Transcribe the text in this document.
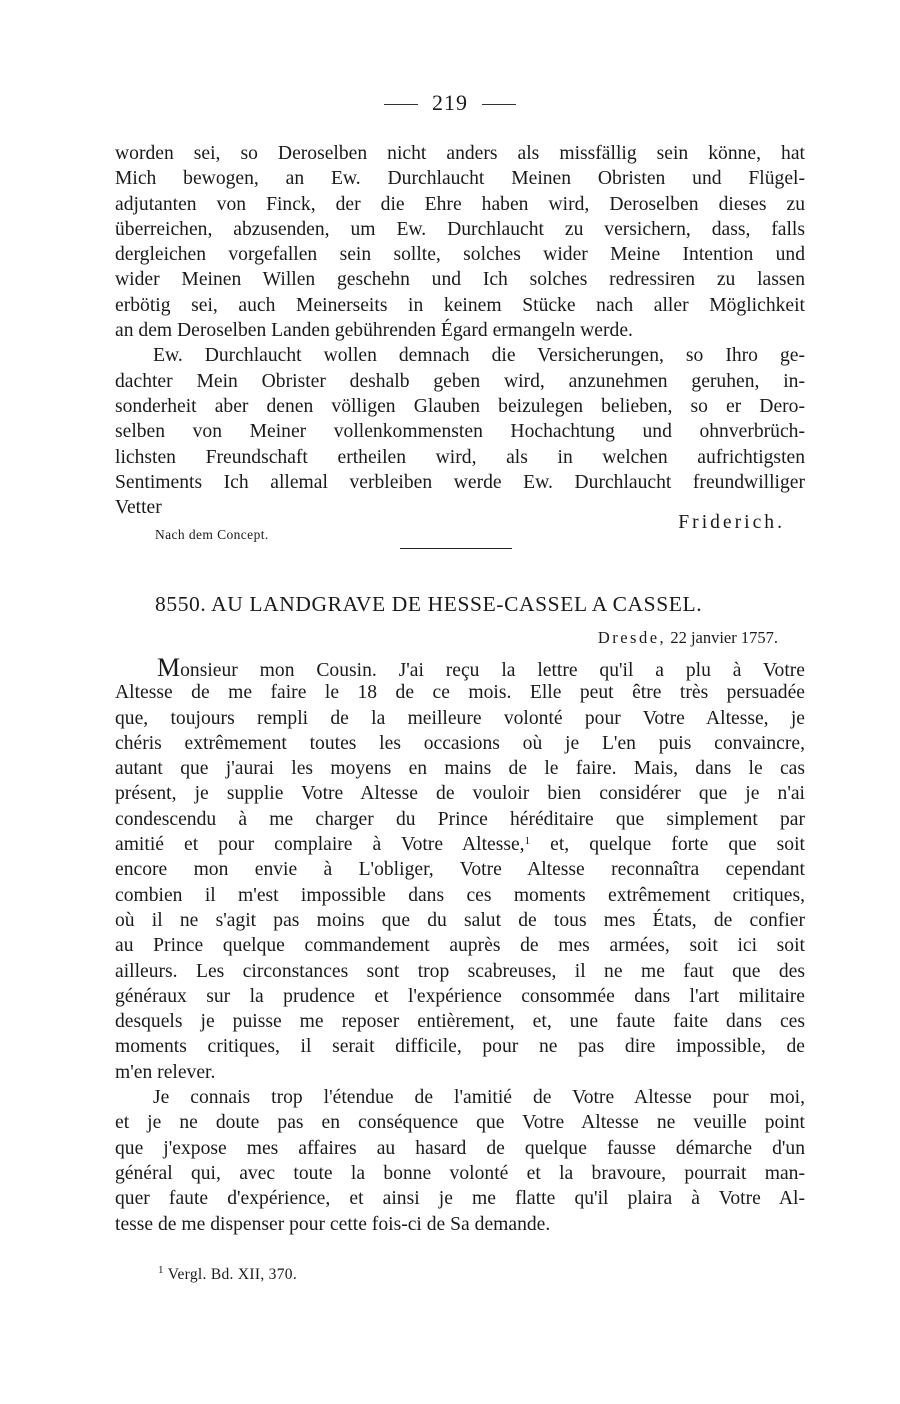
219

worden sei, so Deroselben nicht anders als missfällig sein könne, hat

Mich bewogen, an Ew. Durchlaucht Meinen Obristen und Flügel-

adjutanten von Finck, der die Ehre haben wird, Deroselben dieses zu

überreichen, abzusenden, um Ew. Durchlaucht zu versichern, dass, falls

dergleichen vorgefallen sein sollte, solches wider Meine Intention und

wider Meinen Willen geschehn und Ich solches redressiren zu lassen

erbötig sei, auch Meinerseits in keinem Stücke nach aller Möglichkeit

an dem Deroselben Landen gebührenden Égard ermangeln werde.

Ew. Durchlaucht wollen demnach die Versicherungen, so Ihro ge-

dachter Mein Obrister deshalb geben wird, anzunehmen geruhen, in-

sonderheit aber denen völligen Glauben beizulegen belieben, so er Dero-

selben von Meiner vollenkommensten Hochachtung und ohnverbrüch-

lichsten Freundschaft ertheilen wird, als in welchen aufrichtigsten

Sentiments Ich allemal verbleiben werde Ew. Durchlaucht freundwilliger

Vetter

Friderich.
Nach dem Concept.
8550. AU LANDGRAVE DE HESSE-CASSEL A CASSEL.
Dresde, 22 janvier 1757.

Monsieur mon Cousin. J'ai reçu la lettre qu'il a plu à Votre

Altesse de me faire le 18 de ce mois. Elle peut être très persuadée

que, toujours rempli de la meilleure volonté pour Votre Altesse, je

chéris extrêmement toutes les occasions où je L'en puis convaincre,

autant que j'aurai les moyens en mains de le faire. Mais, dans le cas

présent, je supplie Votre Altesse de vouloir bien considérer que je n'ai

condescendu à me charger du Prince héréditaire que simplement par

amitié et pour complaire à Votre Altesse,$^1$ et, quelque forte que soit

encore mon envie à L'obliger, Votre Altesse reconnaîtra cependant

combien il m'est impossible dans ces moments extrêmement critiques,

où il ne s'agit pas moins que du salut de tous mes États, de confier

au Prince quelque commandement auprès de mes armées, soit ici soit

ailleurs. Les circonstances sont trop scabreuses, il ne me faut que des

généraux sur la prudence et l'expérience consommée dans l'art militaire

desquels je puisse me reposer entièrement, et, une faute faite dans ces

moments critiques, il serait difficile, pour ne pas dire impossible, de

m'en relever.

Je connais trop l'étendue de l'amitié de Votre Altesse pour moi,

et je ne doute pas en conséquence que Votre Altesse ne veuille point

que j'expose mes affaires au hasard de quelque fausse démarche d'un

général qui, avec toute la bonne volonté et la bravoure, pourrait man-

quer faute d'expérience, et ainsi je me flatte qu'il plaira à Votre Al-

tesse de me dispenser pour cette fois-ci de Sa demande.

$^1$ Vergl. Bd. XII, 370.
